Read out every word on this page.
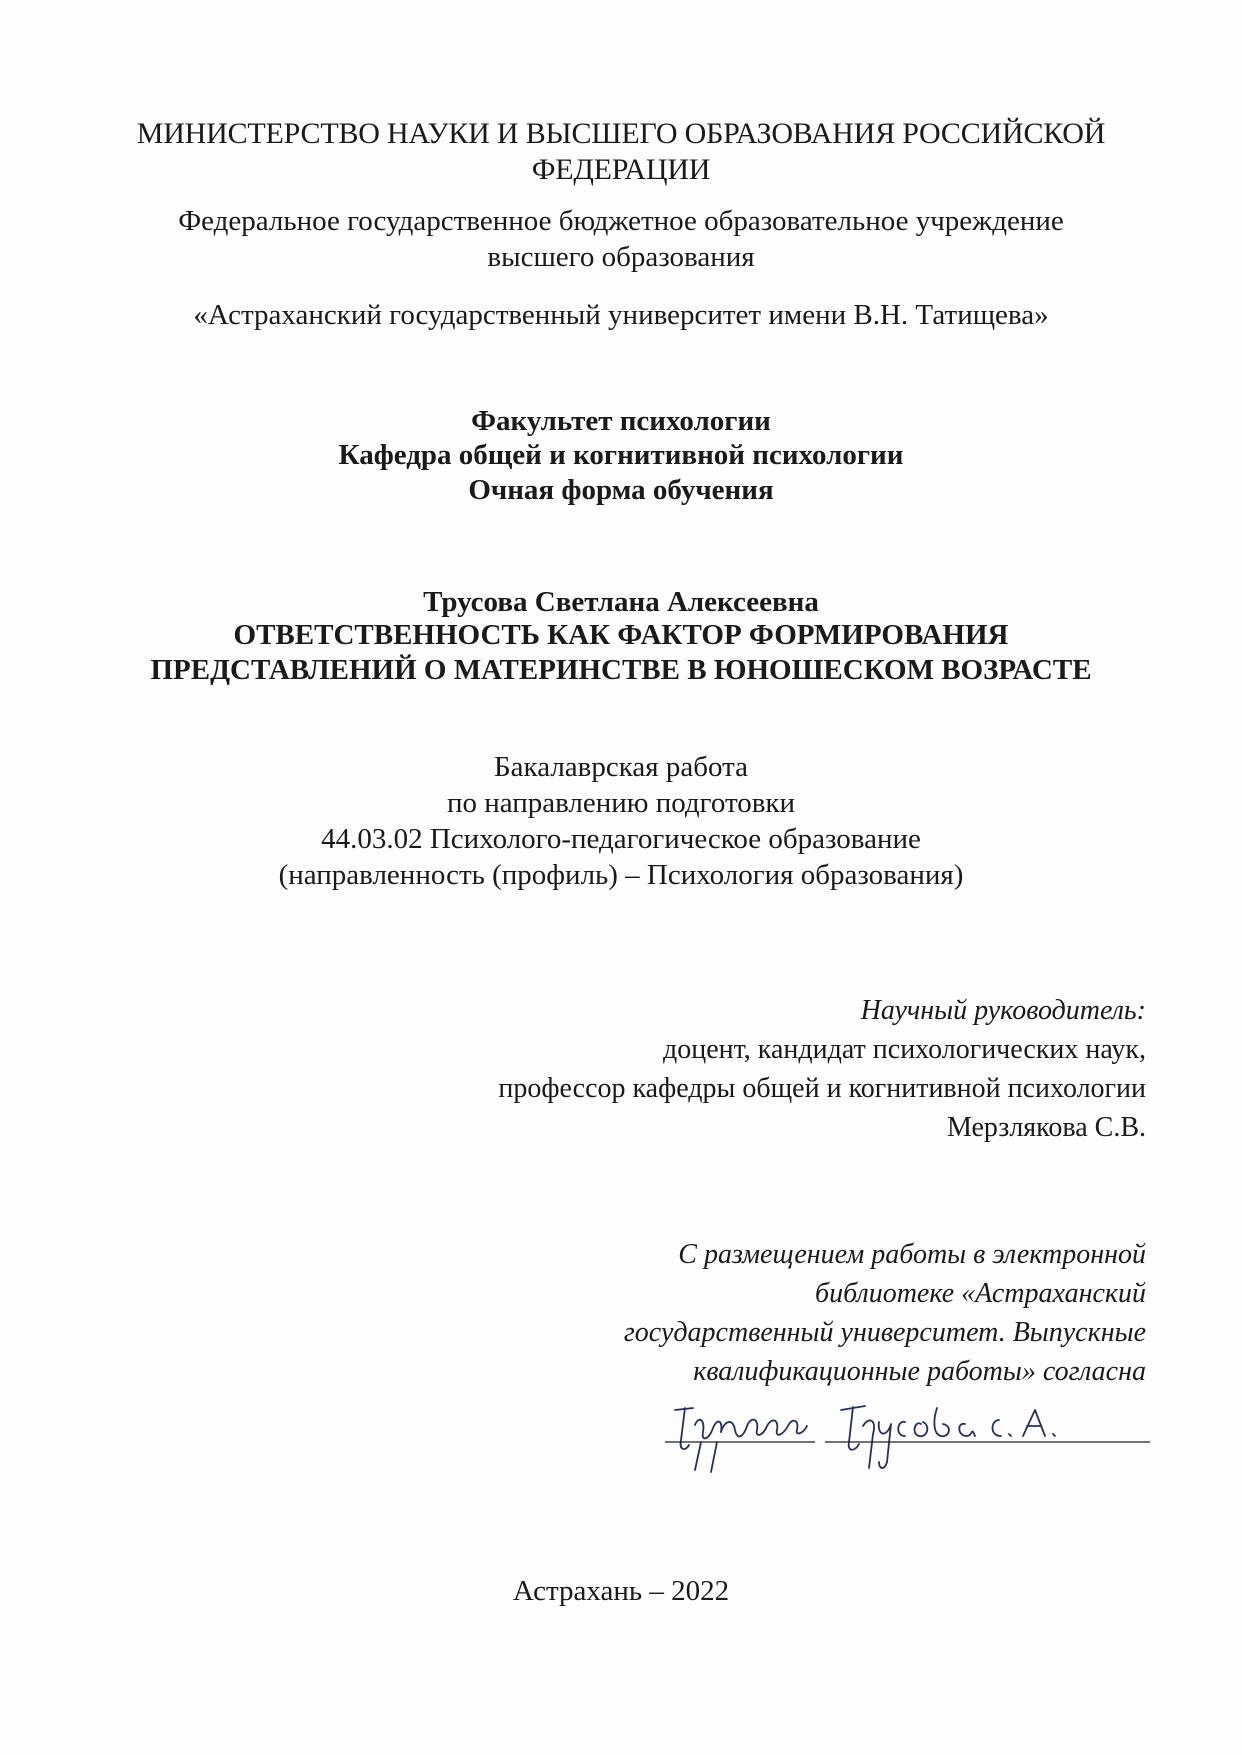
МИНИСТЕРСТВО НАУКИ И ВЫСШЕГО ОБРАЗОВАНИЯ РОССИЙСКОЙ
ФЕДЕРАЦИИ
Федеральное государственное бюджетное образовательное учреждение
высшего образования
«Астраханский государственный университет имени В.Н. Татищева»
Факультет психологии
Кафедра общей и когнитивной психологии
Очная форма обучения
Трусова Светлана Алексеевна
ОТВЕТСТВЕННОСТЬ КАК ФАКТОР ФОРМИРОВАНИЯ
ПРЕДСТАВЛЕНИЙ О МАТЕРИНСТВЕ В ЮНОШЕСКОМ ВОЗРАСТЕ
Бакалаврская работа
по направлению подготовки
44.03.02 Психолого-педагогическое образование
(направленность (профиль) – Психология образования)
Научный руководитель:
доцент, кандидат психологических наук,
профессор кафедры общей и когнитивной психологии
Мерзлякова С.В.
С размещением работы в электронной
библиотеке «Астраханский
государственный университет. Выпускные
квалификационные работы» согласна
Астрахань – 2022
